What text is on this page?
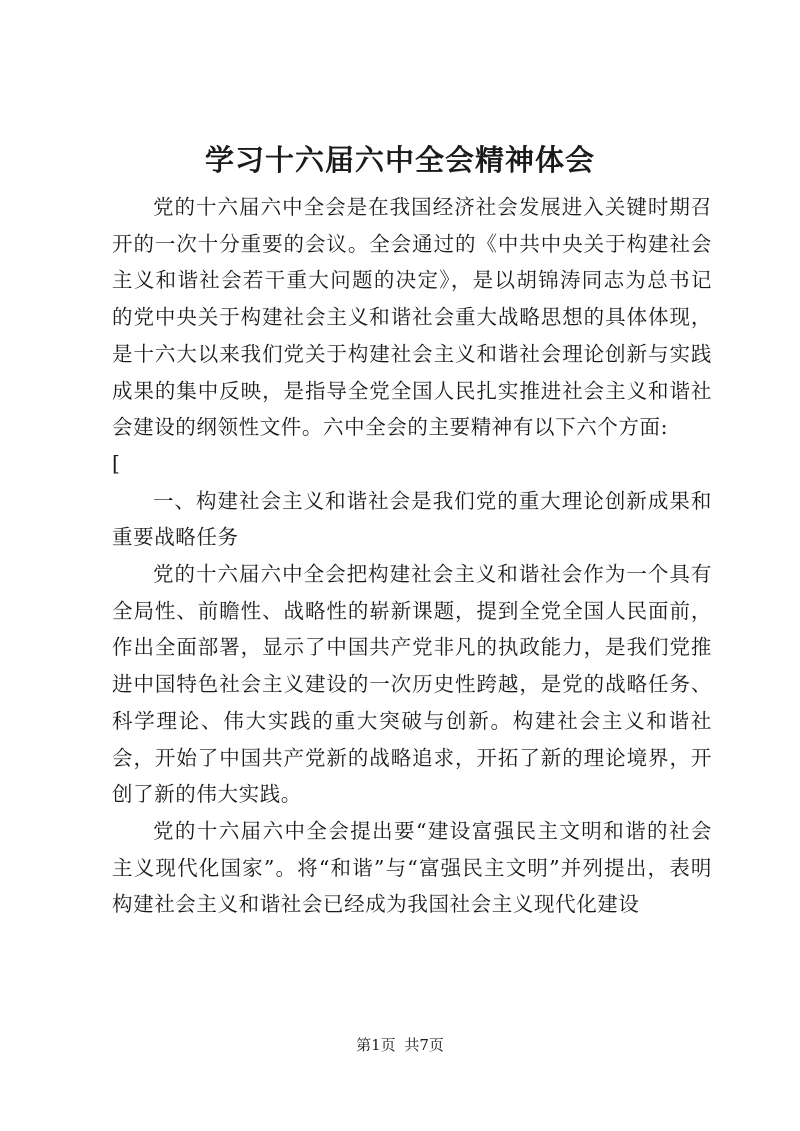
学习十六届六中全会精神体会

党的十六届六中全会是在我国经济社会发展进入关键时期召开的一次十分重要的会议。全会通过的《中共中央关于构建社会主义和谐社会若干重大问题的决定》，是以胡锦涛同志为总书记的党中央关于构建社会主义和谐社会重大战略思想的具体体现，是十六大以来我们党关于构建社会主义和谐社会理论创新与实践成果的集中反映，是指导全党全国人民扎实推进社会主义和谐社会建设的纲领性文件。六中全会的主要精神有以下六个方面:

[

一、构建社会主义和谐社会是我们党的重大理论创新成果和重要战略任务

党的十六届六中全会把构建社会主义和谐社会作为一个具有全局性、前瞻性、战略性的崭新课题，提到全党全国人民面前，作出全面部署，显示了中国共产党非凡的执政能力，是我们党推进中国特色社会主义建设的一次历史性跨越，是党的战略任务、科学理论、伟大实践的重大突破与创新。构建社会主义和谐社会，开始了中国共产党新的战略追求，开拓了新的理论境界，开创了新的伟大实践。

党的十六届六中全会提出要“建设富强民主文明和谐的社会主义现代化国家”。将“和谐”与“富强民主文明”并列提出，表明构建社会主义和谐社会已经成为我国社会主义现代化建设

第1页 共7页
